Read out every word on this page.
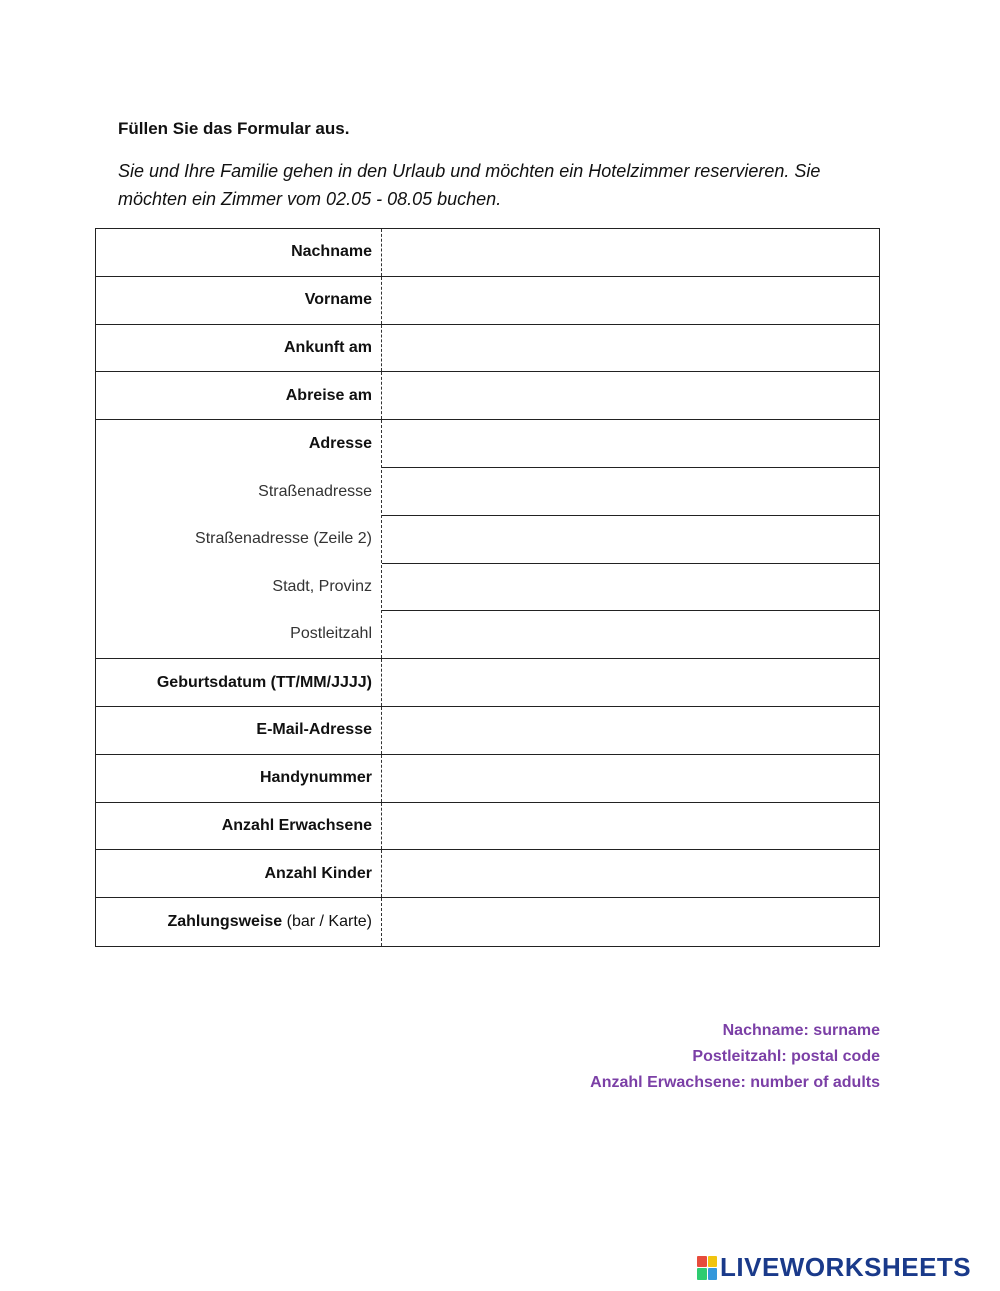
Füllen Sie das Formular aus.

Sie und Ihre Familie gehen in den Urlaub und möchten ein Hotelzimmer reservieren. Sie möchten ein Zimmer vom 02.05 - 08.05 buchen.

Nachname
Vorname
Ankunft am
Abreise am
Adresse
Straßenadresse
Straßenadresse (Zeile 2)
Stadt, Provinz
Postleitzahl
Geburtsdatum (TT/MM/JJJJ)
E-Mail-Adresse
Handynummer
Anzahl Erwachsene
Anzahl Kinder
Zahlungsweise (bar / Karte)
Nachname: surname
Postleitzahl: postal code
Anzahl Erwachsene: number of adults
LIVEWORKSHEETS
